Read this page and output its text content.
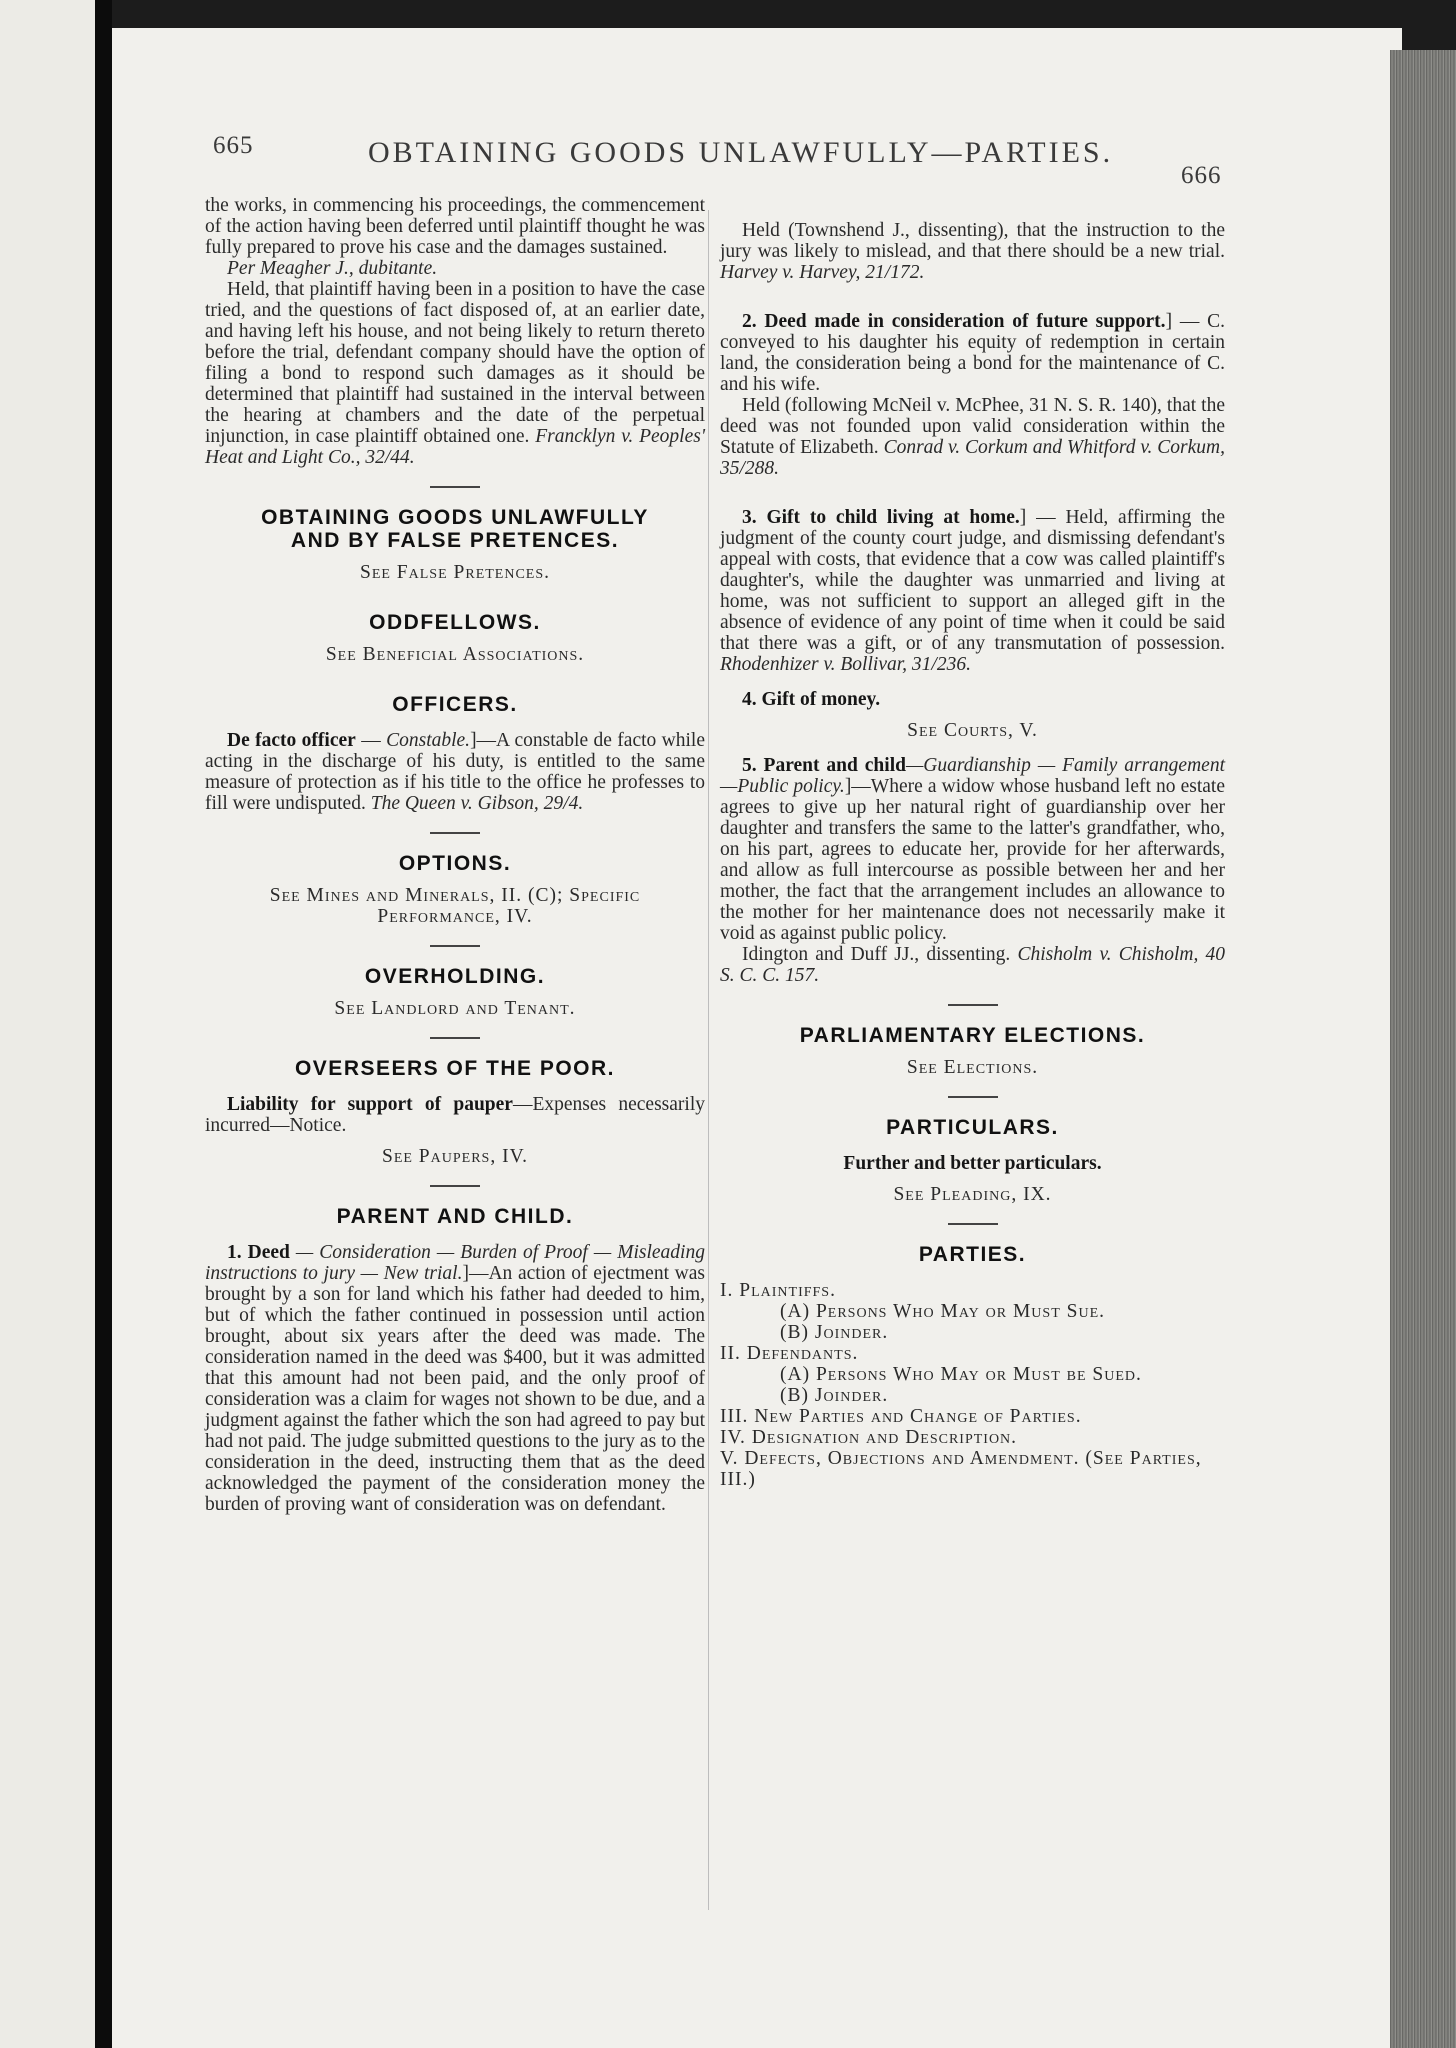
665	OBTAINING GOODS UNLAWFULLY—PARTIES.
666

the works, in commencing his proceedings, the commencement of the action having been deferred until plaintiff thought he was fully prepared to prove his case and the damages sustained.

Per Meagher J., dubitante.

Held, that plaintiff having been in a position to have the case tried, and the questions of fact disposed of, at an earlier date, and having left his house, and not being likely to return thereto before the trial, defendant company should have the option of filing a bond to respond such damages as it should be determined that plaintiff had sustained in the interval between the hearing at chambers and the date of the perpetual injunction, in case plaintiff obtained one. Francklyn v. Peoples' Heat and Light Co., 32/44.

OBTAINING GOODS UNLAWFULLY
AND BY FALSE PRETENCES.

See False Pretences.

ODDFELLOWS.

See Beneficial Associations.

OFFICERS.

De facto officer — Constable.]—A constable de facto while acting in the discharge of his duty, is entitled to the same measure of protection as if his title to the office he professes to fill were undisputed. The Queen v. Gibson, 29/4.

OPTIONS.

See Mines and Minerals, II. (C); Specific
Performance, IV.

OVERHOLDING.

See Landlord and Tenant.

OVERSEERS OF THE POOR.

Liability for support of pauper—Expenses necessarily incurred—Notice.

See Paupers, IV.

PARENT AND CHILD.

1. Deed — Consideration — Burden of Proof — Misleading instructions to jury — New trial.]—An action of ejectment was brought by a son for land which his father had deeded to him, but of which the father continued in possession until action brought, about six years after the deed was made. The consideration named in the deed was $400, but it was admitted that this amount had not been paid, and the only proof of consideration was a claim for wages not shown to be due, and a judgment against the father which the son had agreed to pay but had not paid. The judge submitted questions to the jury as to the consideration in the deed, instructing them that as the deed acknowledged the payment of the consideration money the burden of proving want of consideration was on defendant.

Held (Townshend J., dissenting), that the instruction to the jury was likely to mislead, and that there should be a new trial. Harvey v. Harvey, 21/172.

2. Deed made in consideration of future support.] — C. conveyed to his daughter his equity of redemption in certain land, the consideration being a bond for the maintenance of C. and his wife.

Held (following McNeil v. McPhee, 31 N. S. R. 140), that the deed was not founded upon valid consideration within the Statute of Elizabeth. Conrad v. Corkum and Whitford v. Corkum, 35/288.

3. Gift to child living at home.] — Held, affirming the judgment of the county court judge, and dismissing defendant's appeal with costs, that evidence that a cow was called plaintiff's daughter's, while the daughter was unmarried and living at home, was not sufficient to support an alleged gift in the absence of evidence of any point of time when it could be said that there was a gift, or of any transmutation of possession. Rhodenhizer v. Bollivar, 31/236.

4. Gift of money.

See Courts, V.

5. Parent and child—Guardianship — Family arrangement—Public policy.]—Where a widow whose husband left no estate agrees to give up her natural right of guardianship over her daughter and transfers the same to the latter's grandfather, who, on his part, agrees to educate her, provide for her afterwards, and allow as full intercourse as possible between her and her mother, the fact that the arrangement includes an allowance to the mother for her maintenance does not necessarily make it void as against public policy.

Idington and Duff JJ., dissenting. Chisholm v. Chisholm, 40 S. C. C. 157.

PARLIAMENTARY ELECTIONS.

See Elections.

PARTICULARS.

Further and better particulars.

See Pleading, IX.

PARTIES.

I. Plaintiffs.
(A) Persons Who May or Must Sue.
(B) Joinder.
II. Defendants.
(A) Persons Who May or Must be Sued.
(B) Joinder.
III. New Parties and Change of Parties.
IV. Designation and Description.
V. Defects, Objections and Amendment. (See Parties, III.)
